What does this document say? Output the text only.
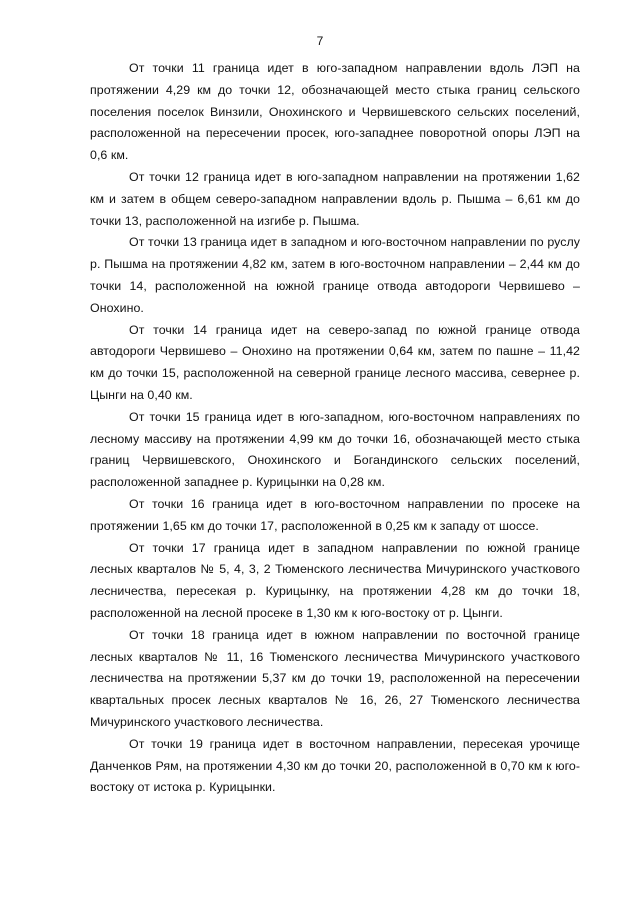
7

От точки 11 граница идет в юго-западном направлении вдоль ЛЭП на протяжении 4,29 км до точки 12, обозначающей место стыка границ сельского поселения поселок Винзили, Онохинского и Червишевского сельских поселений, расположенной на пересечении просек, юго-западнее поворотной опоры ЛЭП на 0,6 км.

От точки 12 граница идет в юго-западном направлении на протяжении 1,62 км и затем в общем северо-западном направлении вдоль р. Пышма – 6,61 км до точки 13, расположенной на изгибе р. Пышма.

От точки 13 граница идет в западном и юго-восточном направлении по руслу р. Пышма на протяжении 4,82 км, затем в юго-восточном направлении – 2,44 км до точки 14, расположенной на южной границе отвода автодороги Червишево – Онохино.

От точки 14 граница идет на северо-запад по южной границе отвода автодороги Червишево – Онохино на протяжении 0,64 км, затем по пашне – 11,42 км до точки 15, расположенной на северной границе лесного массива, севернее р. Цынги на 0,40 км.

От точки 15 граница идет в юго-западном, юго-восточном направлениях по лесному массиву на протяжении 4,99 км до точки 16, обозначающей место стыка границ Червишевского, Онохинского и Богандинского сельских поселений, расположенной западнее р. Курицынки на 0,28 км.

От точки 16 граница идет в юго-восточном направлении по просеке на протяжении 1,65 км до точки 17, расположенной в 0,25 км к западу от шоссе.

От точки 17 граница идет в западном направлении по южной границе лесных кварталов № 5, 4, 3, 2 Тюменского лесничества Мичуринского участкового лесничества, пересекая р. Курицынку, на протяжении 4,28 км до точки 18, расположенной на лесной просеке в 1,30 км к юго-востоку от р. Цынги.

От точки 18 граница идет в южном направлении по восточной границе лесных кварталов № 11, 16 Тюменского лесничества Мичуринского участкового лесничества на протяжении 5,37 км до точки 19, расположенной на пересечении квартальных просек лесных кварталов № 16, 26, 27 Тюменского лесничества Мичуринского участкового лесничества.

От точки 19 граница идет в восточном направлении, пересекая урочище Данченков Рям, на протяжении 4,30 км до точки 20, расположенной в 0,70 км к юго-востоку от истока р. Курицынки.
